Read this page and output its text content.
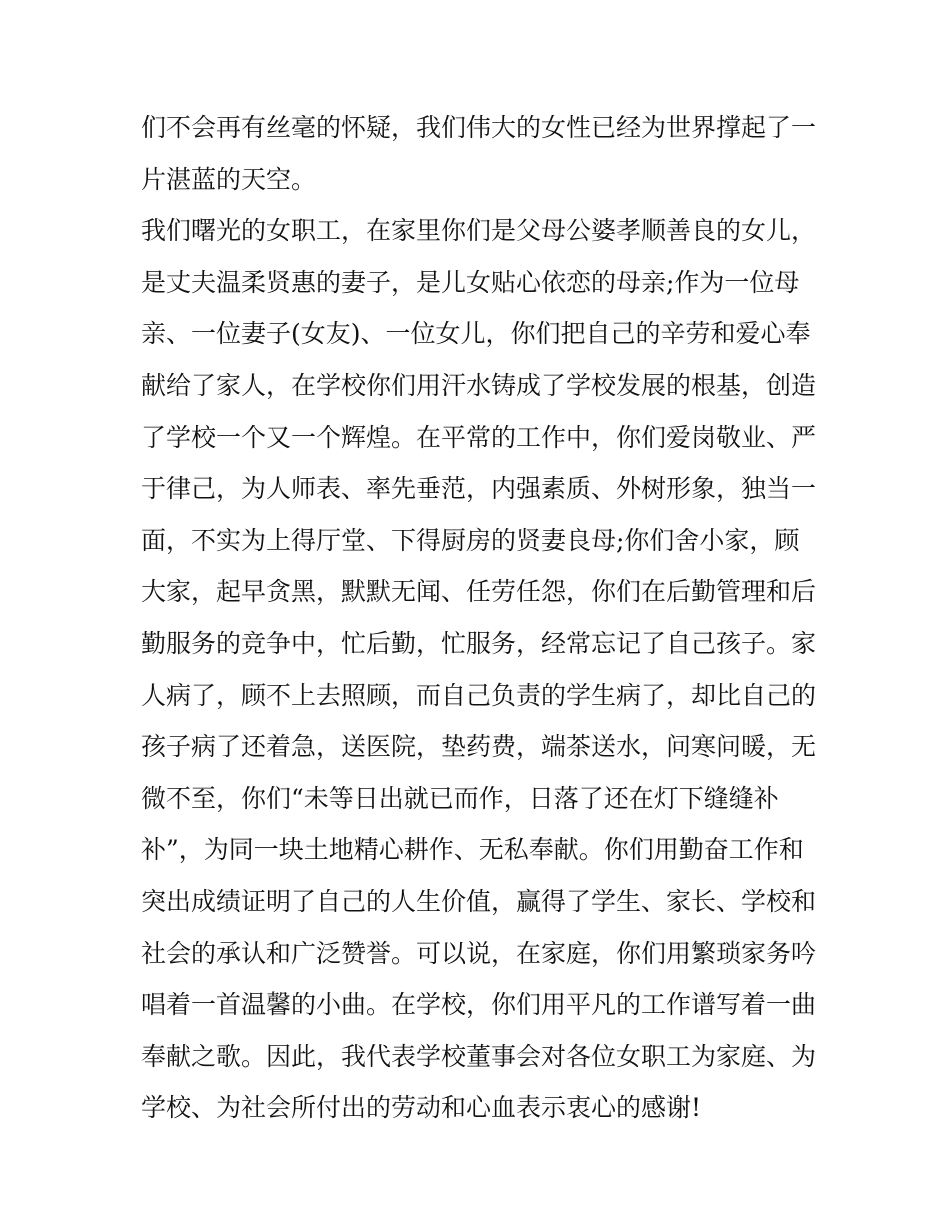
们不会再有丝毫的怀疑，我们伟大的女性已经为世界撑起了一
片湛蓝的天空。
我们曙光的女职工，在家里你们是父母公婆孝顺善良的女儿，
是丈夫温柔贤惠的妻子，是儿女贴心依恋的母亲;作为一位母
亲、一位妻子(女友)、一位女儿，你们把自己的辛劳和爱心奉
献给了家人，在学校你们用汗水铸成了学校发展的根基，创造
了学校一个又一个辉煌。在平常的工作中，你们爱岗敬业、严
于律己，为人师表、率先垂范，内强素质、外树形象，独当一
面，不实为上得厅堂、下得厨房的贤妻良母;你们舍小家，顾
大家，起早贪黑，默默无闻、任劳任怨，你们在后勤管理和后
勤服务的竞争中，忙后勤，忙服务，经常忘记了自己孩子。家
人病了，顾不上去照顾，而自己负责的学生病了，却比自己的
孩子病了还着急，送医院，垫药费，端茶送水，问寒问暖，无
微不至，你们“未等日出就已而作，日落了还在灯下缝缝补
补”，为同一块土地精心耕作、无私奉献。你们用勤奋工作和
突出成绩证明了自己的人生价值，赢得了学生、家长、学校和
社会的承认和广泛赞誉。可以说，在家庭，你们用繁琐家务吟
唱着一首温馨的小曲。在学校，你们用平凡的工作谱写着一曲
奉献之歌。因此，我代表学校董事会对各位女职工为家庭、为
学校、为社会所付出的劳动和心血表示衷心的感谢!
